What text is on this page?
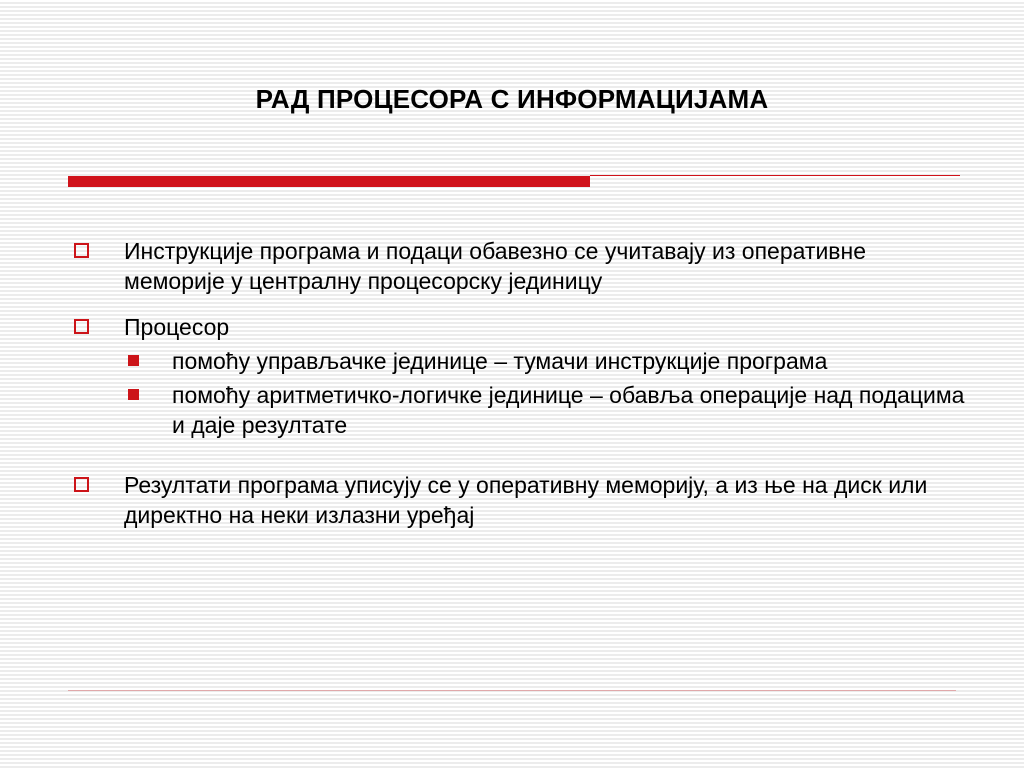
РАД ПРОЦЕСОРА С ИНФОРМАЦИЈАМА
Инструкције програма и подаци обавезно се учитавају из оперативне меморије у централну процесорску јединицу
Процесор
помоћу управљачке јединице – тумачи инструкције програма
помоћу аритметичко-логичке јединице – обавља операције над подацима и даје резултате
Резултати програма уписују се у оперативну меморију, а из ње на диск или директно на неки излазни уређај
